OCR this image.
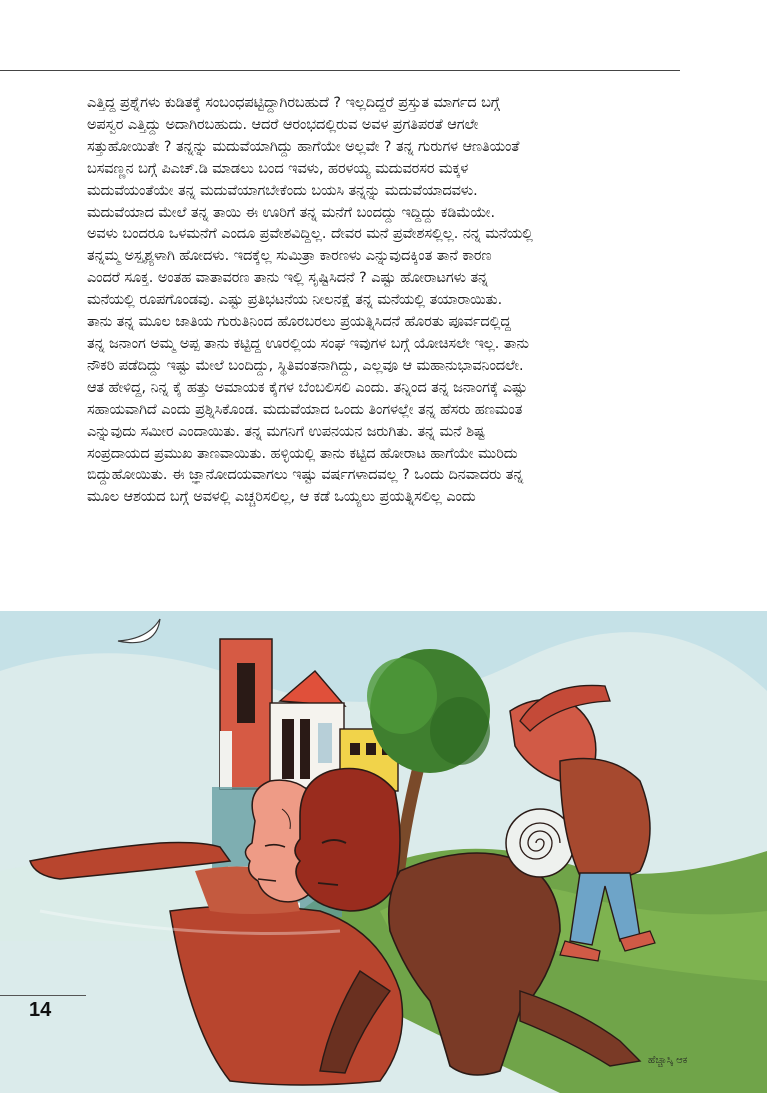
ಎತ್ತಿದ್ದ ಪ್ರಶ್ನೆಗಳು ಕುಡಿತಕ್ಕೆ ಸಂಬಂಧಪಟ್ಟಿದ್ದಾಗಿರಬಹುದೆ ? ಇಲ್ಲದಿದ್ದರೆ ಪ್ರಸ್ತುತ ಮಾರ್ಗದ ಬಗ್ಗೆ
ಅಪಸ್ವರ ಎತ್ತಿದ್ದು ಅದಾಗಿರಬಹುದು. ಆದರೆ ಆರಂಭದಲ್ಲಿರುವ ಅವಳ ಪ್ರಗತಿಪರತೆ ಆಗಲೇ
ಸತ್ತುಹೋಯಿತೇ ? ತನ್ನನ್ನು ಮದುವೆಯಾಗಿದ್ದು ಹಾಗೆಯೇ ಅಲ್ಲವೇ ? ತನ್ನ ಗುರುಗಳ ಆಣತಿಯಂತೆ
ಬಸವಣ್ಣನ ಬಗ್ಗೆ ಪಿಎಚ್.ಡಿ ಮಾಡಲು ಬಂದ ಇವಳು, ಹರಳಯ್ಯ ಮದುವರಸರ ಮಕ್ಕಳ
ಮದುವೆಯಂತೆಯೇ ತನ್ನ ಮದುವೆಯಾಗಬೇಕೆಂದು ಬಯಸಿ ತನ್ನನ್ನು ಮದುವೆಯಾದವಳು.
ಮದುವೆಯಾದ ಮೇಲೆ ತನ್ನ ತಾಯಿ ಈ ಊರಿಗೆ ತನ್ನ ಮನೆಗೆ ಬಂದದ್ದು ಇದ್ದಿದ್ದು ಕಡಿಮೆಯೇ.
ಅವಳು ಬಂದರೂ ಒಳಮನೆಗೆ ಎಂದೂ ಪ್ರವೇಶವಿದ್ದಿಲ್ಲ. ದೇವರ ಮನೆ ಪ್ರವೇಶಸಲ್ಲಿಲ್ಲ. ನನ್ನ ಮನೆಯಲ್ಲಿ
ತನ್ನಮ್ಮ ಅಸ್ಪೃಶ್ಯಳಾಗಿ ಹೋದಳು. ಇದಕ್ಕೆಲ್ಲ ಸುಮಿತ್ರಾ ಕಾರಣಳು ಎನ್ನುವುದಕ್ಕಿಂತ ತಾನೆ ಕಾರಣ
ಎಂದರೆ ಸೂಕ್ತ. ಅಂತಹ ವಾತಾವರಣ ತಾನು ಇಲ್ಲಿ ಸೃಷ್ಟಿಸಿದನೆ ? ಎಷ್ಟು ಹೋರಾಟಗಳು ತನ್ನ
ಮನೆಯಲ್ಲಿ ರೂಪಗೊಂಡವು. ಎಷ್ಟು ಪ್ರತಿಭಟನೆಯ ನೀಲನಕ್ಷೆ ತನ್ನ ಮನೆಯಲ್ಲಿ ತಯಾರಾಯಿತು.
ತಾನು ತನ್ನ ಮೂಲ ಜಾತಿಯ ಗುರುತಿನಿಂದ ಹೊರಬರಲು ಪ್ರಯತ್ನಿಸಿದನೆ ಹೊರತು ಪೂರ್ವದಲ್ಲಿದ್ದ
ತನ್ನ ಜನಾಂಗ ಅಮ್ಮ ಅಪ್ಪ ತಾನು ಕಟ್ಟಿದ್ದ ಊರಲ್ಲಿಯ ಸಂಘ ಇವುಗಳ ಬಗ್ಗೆ ಯೋಚಿಸಲೇ ಇಲ್ಲ. ತಾನು
ನೌಕರಿ ಪಡೆದಿದ್ದು ಇಷ್ಟು ಮೇಲೆ ಬಂದಿದ್ದು, ಸ್ಥಿತಿವಂತನಾಗಿದ್ದು, ಎಲ್ಲವೂ ಆ ಮಹಾನುಭಾವನಿಂದಲೇ.
ಆತ ಹೇಳಿದ್ದ, ನಿನ್ನ ಕೈ ಹತ್ತು ಅಮಾಯಕ ಕೈಗಳ ಬೆಂಬಲಿಸಲಿ ಎಂದು. ತನ್ನಿಂದ ತನ್ನ ಜನಾಂಗಕ್ಕೆ ಎಷ್ಟು
ಸಹಾಯವಾಗಿದೆ ಎಂದು ಪ್ರಶ್ನಿಸಿಕೊಂಡ. ಮದುವೆಯಾದ ಒಂದು ತಿಂಗಳಲ್ಲೇ ತನ್ನ ಹೆಸರು ಹಣಮಂತ
ಎನ್ನುವುದು ಸಮೀರ ಎಂದಾಯಿತು. ತನ್ನ ಮಗನಿಗೆ ಉಪನಯನ ಜರುಗಿತು. ತನ್ನ ಮನೆ ಶಿಷ್ಟ
ಸಂಪ್ರದಾಯದ ಪ್ರಮುಖ ತಾಣವಾಯಿತು. ಹಳ್ಳಿಯಲ್ಲಿ ತಾನು ಕಟ್ಟಿದ ಹೋರಾಟ ಹಾಗೆಯೇ ಮುರಿದು
ಬಿದ್ದುಹೋಯಿತು. ಈ ಜ್ಞಾನೋದಯವಾಗಲು ಇಷ್ಟು ವರ್ಷಗಳಾದವಲ್ಲ ? ಒಂದು ದಿನವಾದರು ತನ್ನ
ಮೂಲ ಆಶಯದ ಬಗ್ಗೆ ಅವಳಲ್ಲಿ ಎಚ್ಚರಿಸಲಿಲ್ಲ, ಆ ಕಡೆ ಒಯ್ಯಲು ಪ್ರಯತ್ನಿಸಲಿಲ್ಲ ಎಂದು
14
ಹೆಚ್ಚಾಸ್ಕಿ ಆಕ
